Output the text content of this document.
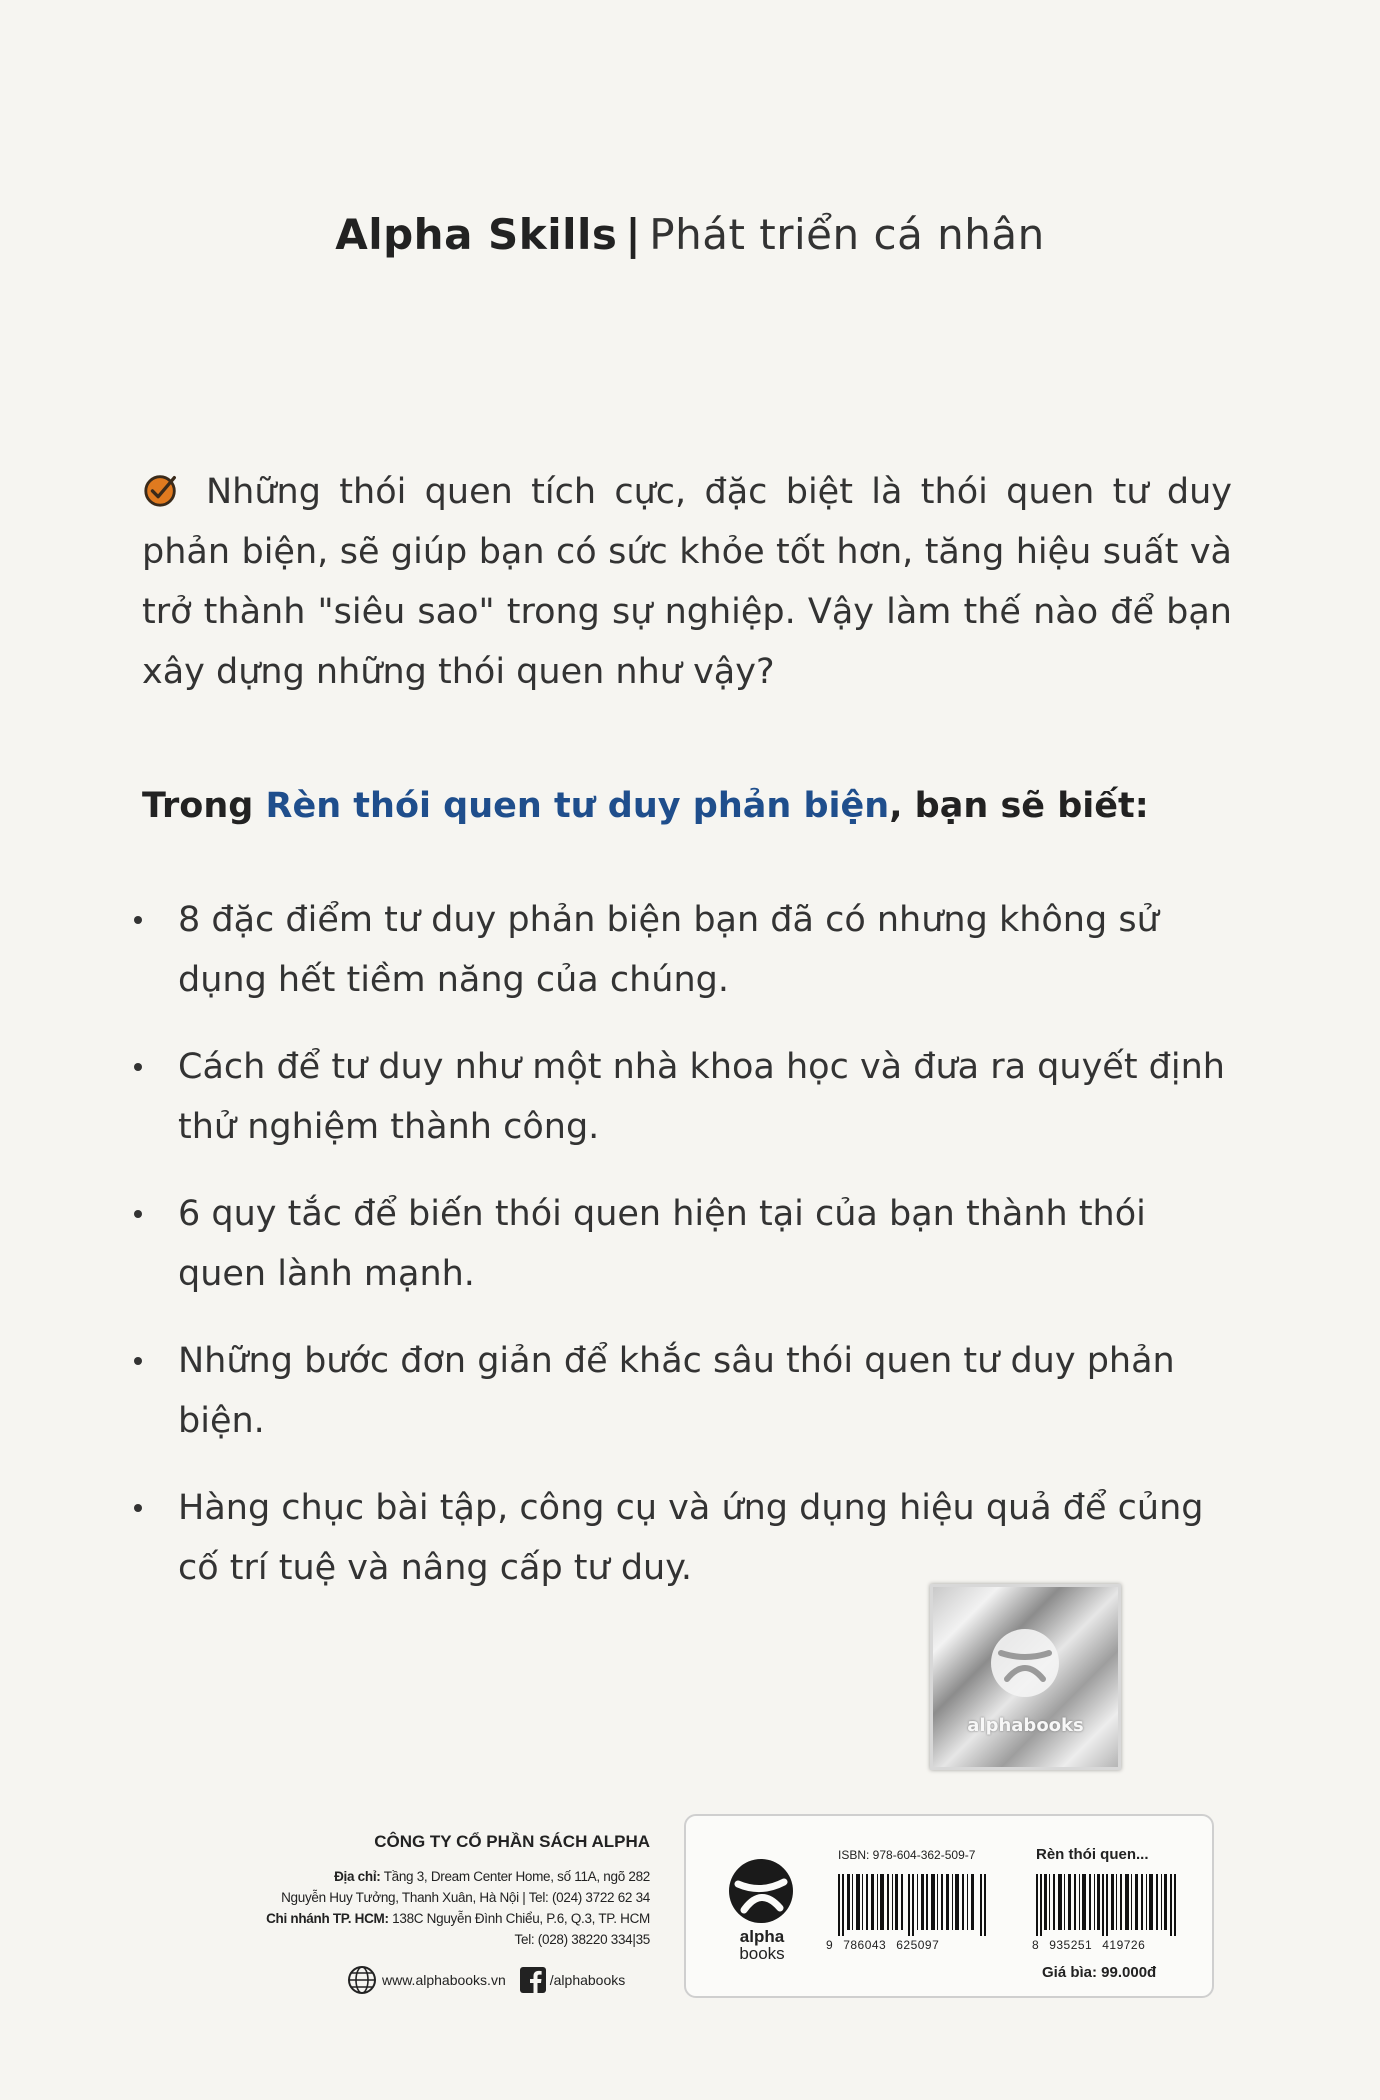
Alpha Skills | Phát triển cá nhân
Những thói quen tích cực, đặc biệt là thói quen tư duy phản biện, sẽ giúp bạn có sức khỏe tốt hơn, tăng hiệu suất và trở thành "siêu sao" trong sự nghiệp. Vậy làm thế nào để bạn xây dựng những thói quen như vậy?
Trong Rèn thói quen tư duy phản biện, bạn sẽ biết:
8 đặc điểm tư duy phản biện bạn đã có nhưng không sử dụng hết tiềm năng của chúng.
Cách để tư duy như một nhà khoa học và đưa ra quyết định thử nghiệm thành công.
6 quy tắc để biến thói quen hiện tại của bạn thành thói quen lành mạnh.
Những bước đơn giản để khắc sâu thói quen tư duy phản biện.
Hàng chục bài tập, công cụ và ứng dụng hiệu quả để củng cố trí tuệ và nâng cấp tư duy.
alphabooks
CÔNG TY CỔ PHẦN SÁCH ALPHA
Địa chỉ: Tầng 3, Dream Center Home, số 11A, ngõ 282
Nguyễn Huy Tưởng, Thanh Xuân, Hà Nội | Tel: (024) 3722 62 34
Chi nhánh TP. HCM: 138C Nguyễn Đình Chiểu, P.6, Q.3, TP. HCM
Tel: (028) 38220 334|35
www.alphabooks.vn	/alphabooks
alpha
books
ISBN: 978-604-362-509-7	Rèn thói quen...
9 786043 625097	8 935251 419726
Giá bìa: 99.000đ
